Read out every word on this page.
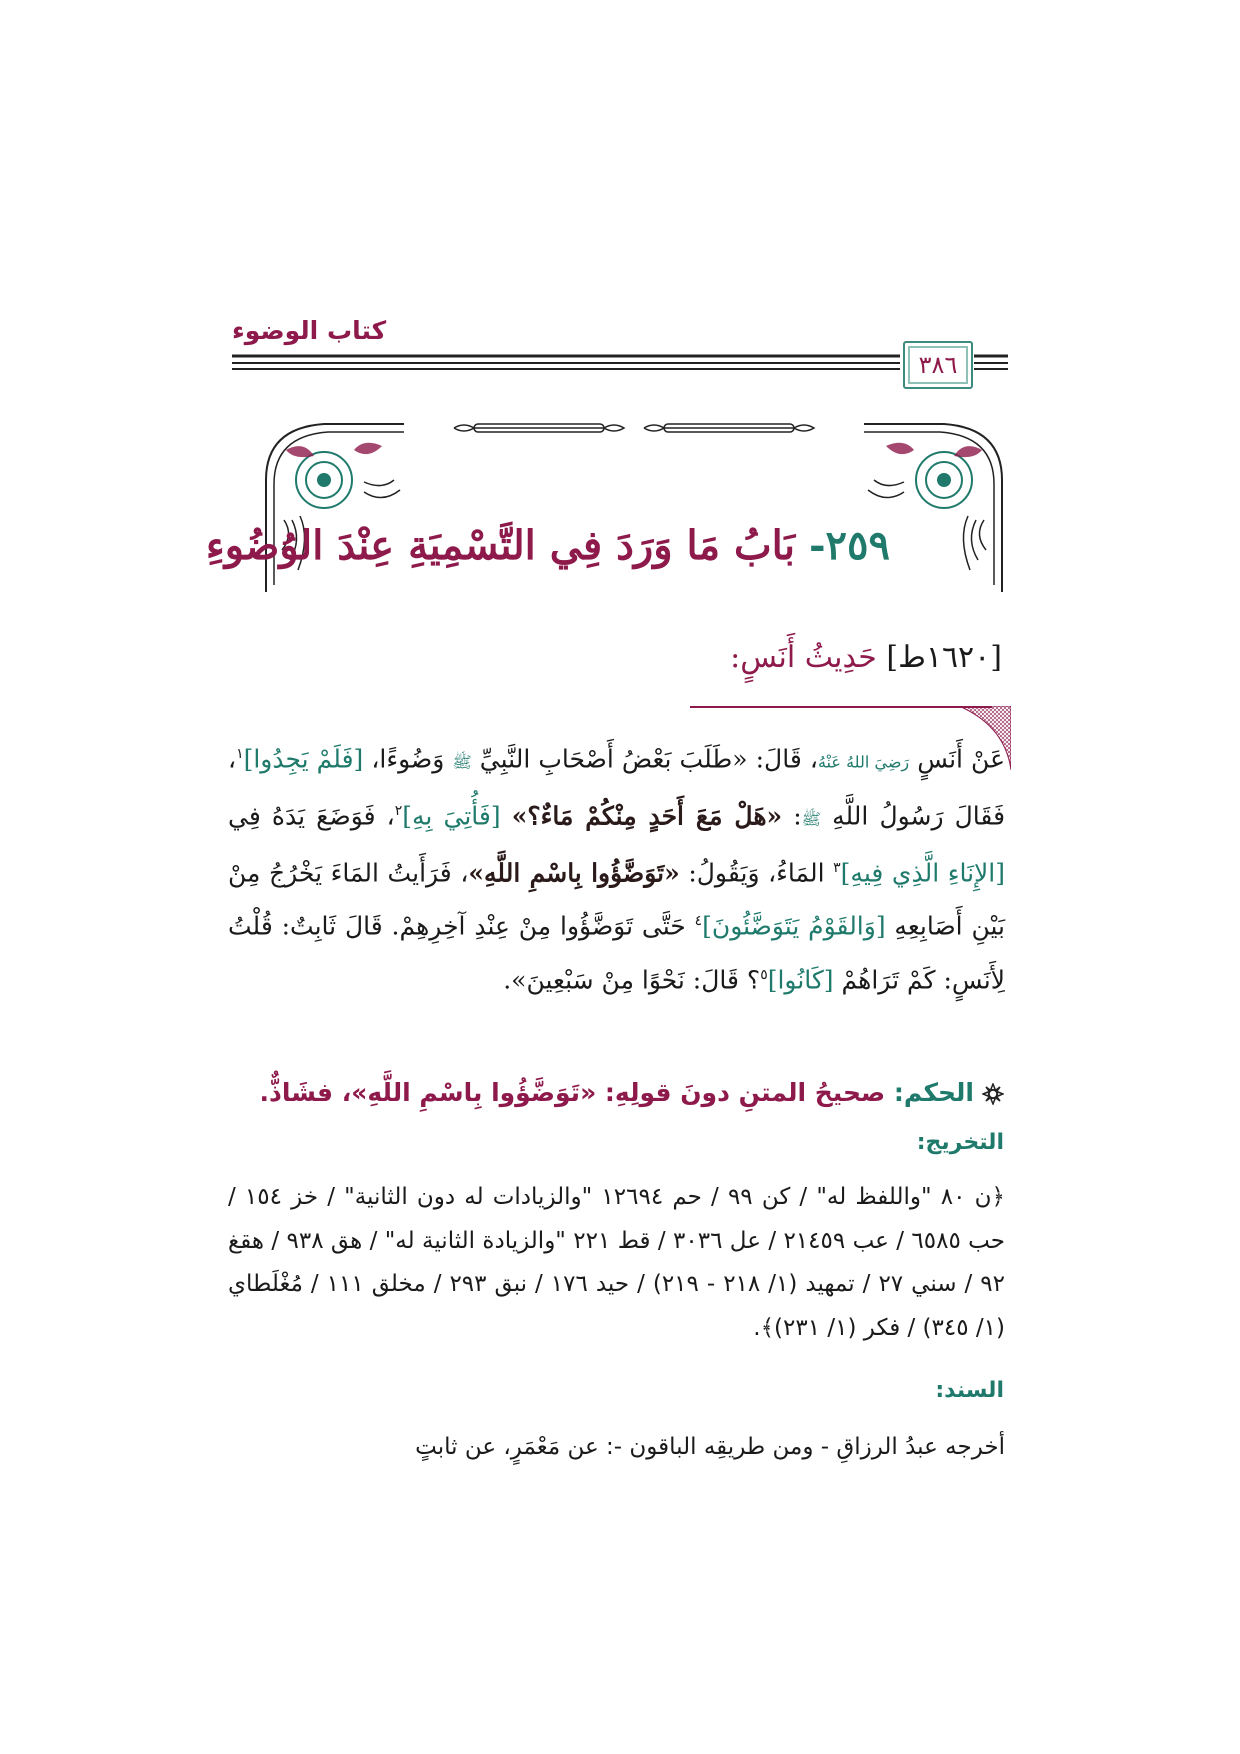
كتاب الوضوء
٣٨٦
٢٥٩- بَابُ مَا وَرَدَ فِي التَّسْمِيَةِ عِنْدَ الوُضُوءِ
[١٦٢٠ط] حَدِيثُ أَنَسٍ:
عَنْ أَنَسٍ رَضِيَ اللهُ عَنْهُ، قَالَ: «طَلَبَ بَعْضُ أَصْحَابِ النَّبِيِّ ﷺ وَضُوءًا، [فَلَمْ يَجِدُوا]$^١$، فَقَالَ رَسُولُ اللَّهِ ﷺ: «هَلْ مَعَ أَحَدٍ مِنْكُمْ مَاءٌ؟» [فَأُتِيَ بِهِ]$^٢$، فَوَضَعَ يَدَهُ فِي [الإِنَاءِ الَّذِي فِيهِ]$^٣$ المَاءُ، وَيَقُولُ: «تَوَضَّؤُوا بِاسْمِ اللَّهِ»، فَرَأَيتُ المَاءَ يَخْرُجُ مِنْ بَيْنِ أَصَابِعِهِ [وَالقَوْمُ يَتَوَضَّئُونَ]$^٤$ حَتَّى تَوَضَّؤُوا مِنْ عِنْدِ آخِرِهِمْ. قَالَ ثَابِتٌ: قُلْتُ لِأَنَسٍ: كَمْ تَرَاهُمْ [كَانُوا]$^٥$؟ قَالَ: نَحْوًا مِنْ سَبْعِينَ».
الحكم: صحيحُ المتنِ دونَ قولِهِ: «تَوَضَّؤُوا بِاسْمِ اللَّهِ»، فشَاذٌّ.
التخريج:
﴿ن ٨٠ "واللفظ له" / كن ٩٩ / حم ١٢٦٩٤ "والزيادات له دون الثانية" / خز ١٥٤ / حب ٦٥٨٥ / عب ٢١٤٥٩ / عل ٣٠٣٦ / قط ٢٢١ "والزيادة الثانية له" / هق ٩٣٨ / هقغ ٩٢ / سني ٢٧ / تمهيد (١/ ٢١٨ - ٢١٩) / حيد ١٧٦ / نبق ٢٩٣ / مخلق ١١١ / مُغْلَطاي (١/ ٣٤٥) / فكر (١/ ٢٣١)﴾.
السند:
أخرجه عبدُ الرزاقِ - ومن طريقِه الباقون -: عن مَعْمَرٍ، عن ثابتٍ
